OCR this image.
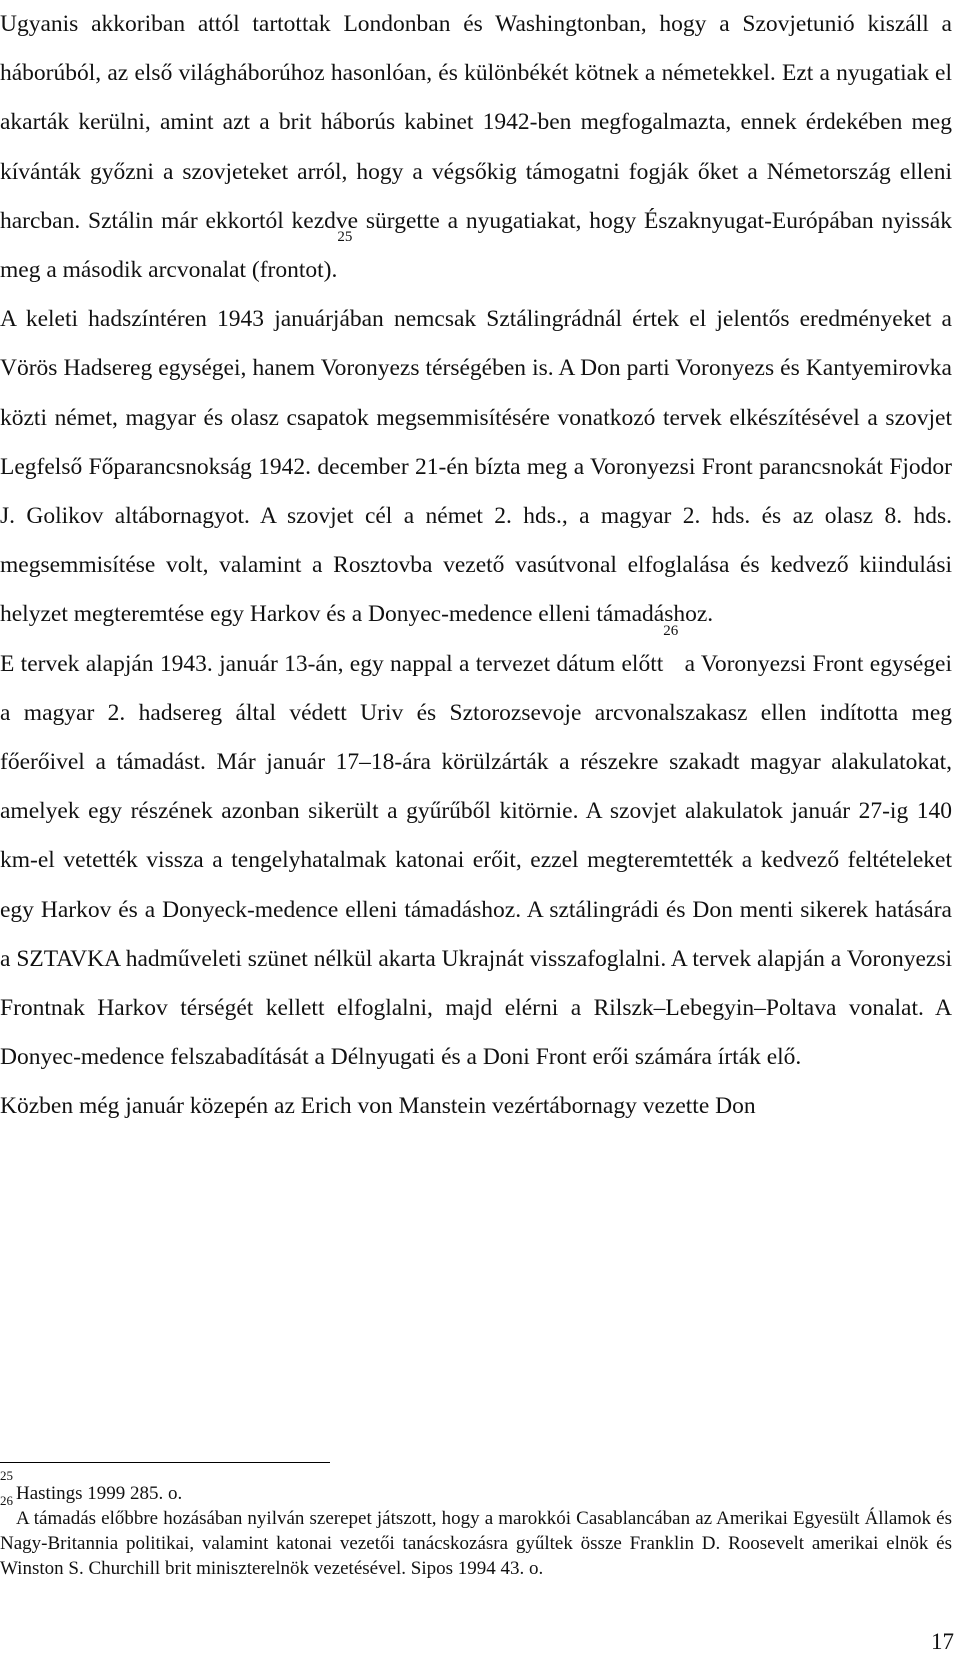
Ugyanis akkoriban attól tartottak Londonban és Washingtonban, hogy a Szovjetunió kiszáll a háborúból, az első világháborúhoz hasonlóan, és különbékét kötnek a németekkel. Ezt a nyugatiak el akarták kerülni, amint azt a brit háborús kabinet 1942-ben megfogalmazta, ennek érdekében meg kívánták győzni a szovjeteket arról, hogy a végsőkig támogatni fogják őket a Németország elleni harcban. Sztálin már ekkortól kezdve sürgette a nyugatiakat, hogy Északnyugat-Európában nyissák meg a második arcvonalat (frontot).$^{25}$

A keleti hadszíntéren 1943 januárjában nemcsak Sztálingrádnál értek el jelentős eredményeket a Vörös Hadsereg egységei, hanem Voronyezs térségében is. A Don parti Voronyezs és Kantyemirovka közti német, magyar és olasz csapatok megsemmisítésére vonatkozó tervek elkészítésével a szovjet Legfelső Főparancsnokság 1942. december 21-én bízta meg a Voronyezsi Front parancsnokát Fjodor J. Golikov altábornagyot. A szovjet cél a német 2. hds., a magyar 2. hds. és az olasz 8. hds. megsemmisítése volt, valamint a Rosztovba vezető vasútvonal elfoglalása és kedvező kiindulási helyzet megteremtése egy Harkov és a Donyec-medence elleni támadáshoz.

E tervek alapján 1943. január 13-án, egy nappal a tervezet dátum előtt$^{26}$ a Voronyezsi Front egységei a magyar 2. hadsereg által védett Uriv és Sztorozsevoje arcvonalszakasz ellen indította meg főerőivel a támadást. Már január 17–18-ára körülzárták a részekre szakadt magyar alakulatokat, amelyek egy részének azonban sikerült a gyűrűből kitörnie. A szovjet alakulatok január 27-ig 140 km-el vetették vissza a tengelyhatalmak katonai erőit, ezzel megteremtették a kedvező feltételeket egy Harkov és a Donyeck-medence elleni támadáshoz. A sztálingrádi és Don menti sikerek hatására a SZTAVKA hadműveleti szünet nélkül akarta Ukrajnát visszafoglalni. A tervek alapján a Voronyezsi Frontnak Harkov térségét kellett elfoglalni, majd elérni a Rilszk–Lebegyin–Poltava vonalat. A Donyec-medence felszabadítását a Délnyugati és a Doni Front erői számára írták elő.

Közben még január közepén az Erich von Manstein vezértábornagy vezette Don

$^{25}$Hastings 1999 285. o.

$^{26}$A támadás előbbre hozásában nyilván szerepet játszott, hogy a marokkói Casablancában az Amerikai Egyesült Államok és Nagy-Britannia politikai, valamint katonai vezetői tanácskozásra gyűltek össze Franklin D. Roosevelt amerikai elnök és Winston S. Churchill brit miniszterelnök vezetésével. Sipos 1994 43. o.

17
